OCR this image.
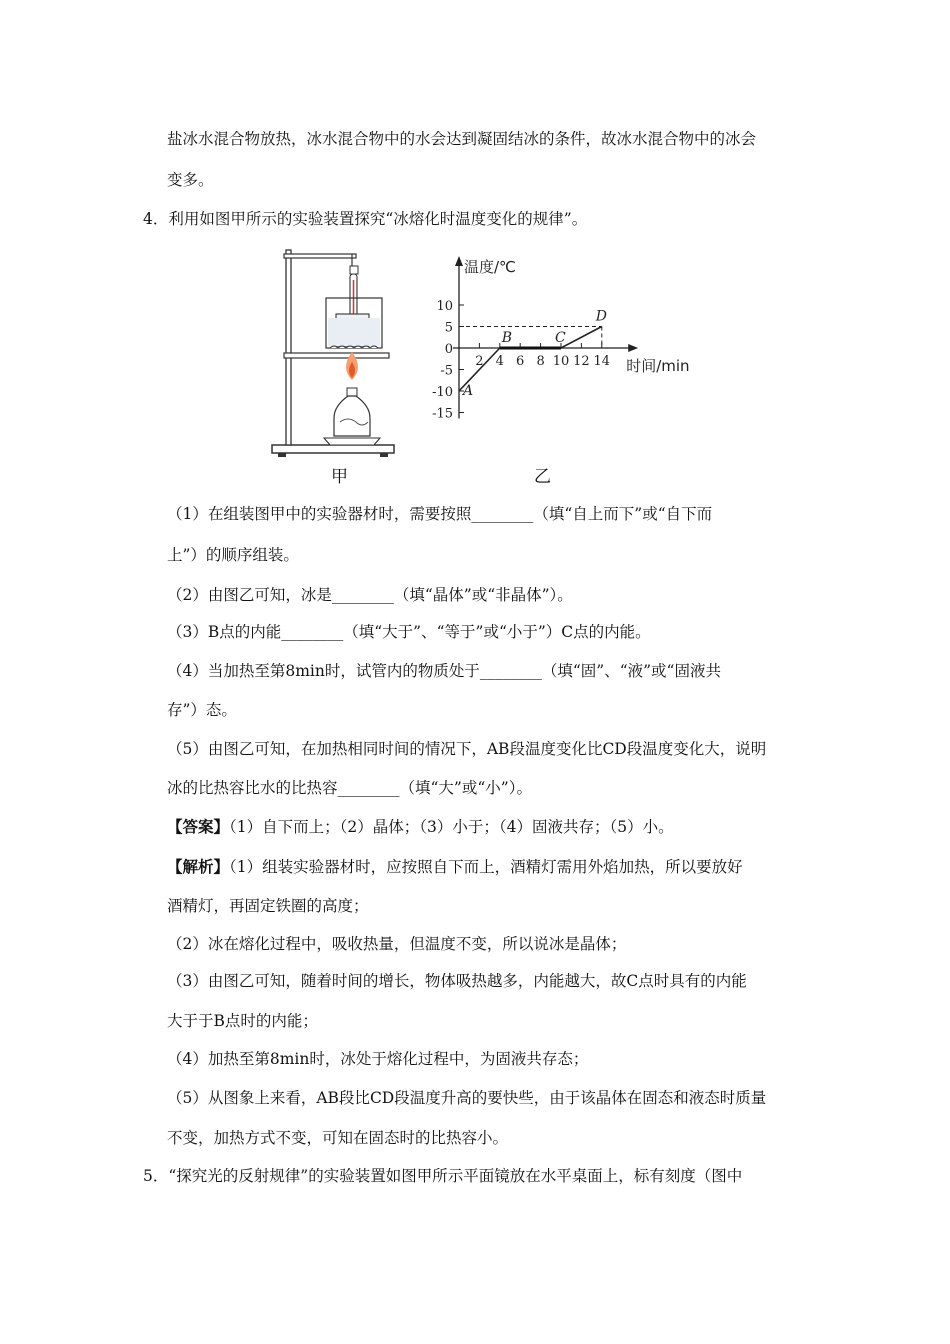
盐冰水混合物放热，冰水混合物中的水会达到凝固结冰的条件，故冰水混合物中的冰会
变多。
4．利用如图甲所示的实验装置探究“冰熔化时温度变化的规律”。
温度/℃
时间/min
10
5
0
-5
-10
-15
2 4 6 8 10 12 14
A
B	C
D
甲	乙
（1）在组装图甲中的实验器材时，需要按照________（填“自上而下”或“自下而
上”）的顺序组装。
（2）由图乙可知，冰是________（填“晶体”或“非晶体”）。
（3）B点的内能________（填“大于”、“等于”或“小于”）C点的内能。
（4）当加热至第8min时，试管内的物质处于________（填“固”、“液”或“固液共
存”）态。
（5）由图乙可知，在加热相同时间的情况下，AB段温度变化比CD段温度变化大，说明
冰的比热容比水的比热容________（填“大”或“小”）。
【答案】（1）自下而上；（2）晶体；（3）小于；（4）固液共存；（5）小。
【解析】（1）组装实验器材时，应按照自下而上，酒精灯需用外焰加热，所以要放好
酒精灯，再固定铁圈的高度；
（2）冰在熔化过程中，吸收热量，但温度不变，所以说冰是晶体；
（3）由图乙可知，随着时间的增长，物体吸热越多，内能越大，故C点时具有的内能
大于于B点时的内能；
（4）加热至第8min时，冰处于熔化过程中，为固液共存态；
（5）从图象上来看，AB段比CD段温度升高的要快些，由于该晶体在固态和液态时质量
不变，加热方式不变，可知在固态时的比热容小。
5．“探究光的反射规律”的实验装置如图甲所示平面镜放在水平桌面上，标有刻度（图中
